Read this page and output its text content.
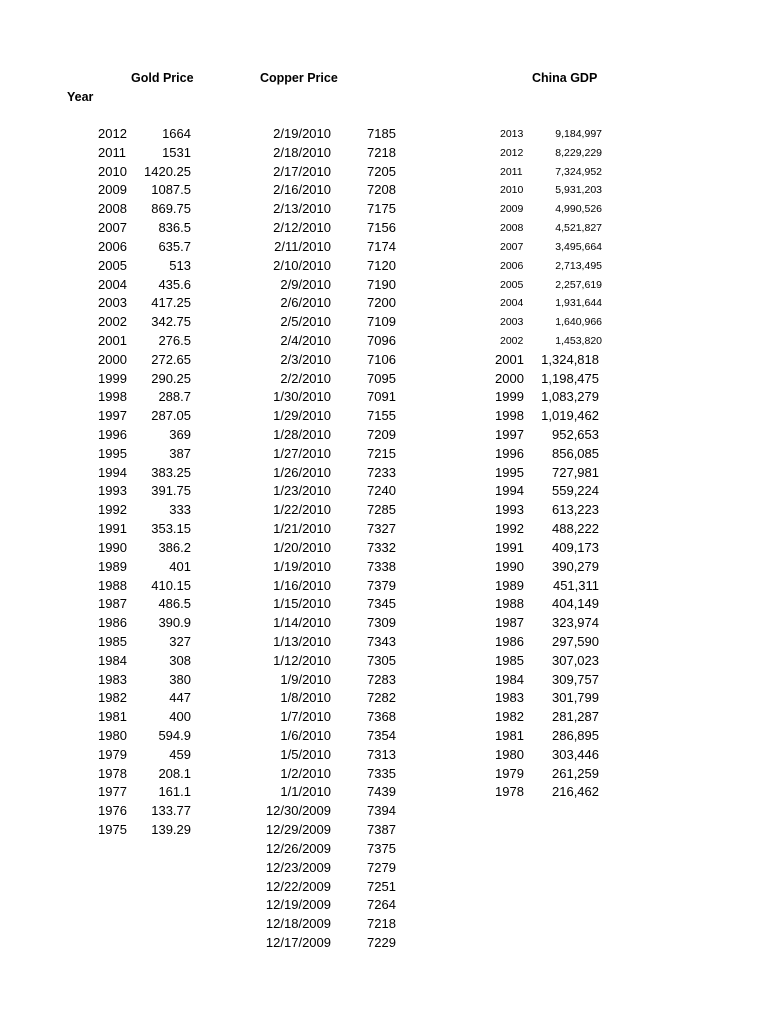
Gold Price	Copper Price	China GDP
Year
2012	1664
2011	1531
2010	1420.25
2009	1087.5
2008	869.75
2007	836.5
2006	635.7
2005	513
2004	435.6
2003	417.25
2002	342.75
2001	276.5
2000	272.65
1999	290.25
1998	288.7
1997	287.05
1996	369
1995	387
1994	383.25
1993	391.75
1992	333
1991	353.15
1990	386.2
1989	401
1988	410.15
1987	486.5
1986	390.9
1985	327
1984	308
1983	380
1982	447
1981	400
1980	594.9
1979	459
1978	208.1
1977	161.1
1976	133.77
1975	139.29
2/19/2010	7185
2/18/2010	7218
2/17/2010	7205
2/16/2010	7208
2/13/2010	7175
2/12/2010	7156
2/11/2010	7174
2/10/2010	7120
2/9/2010	7190
2/6/2010	7200
2/5/2010	7109
2/4/2010	7096
2/3/2010	7106
2/2/2010	7095
1/30/2010	7091
1/29/2010	7155
1/28/2010	7209
1/27/2010	7215
1/26/2010	7233
1/23/2010	7240
1/22/2010	7285
1/21/2010	7327
1/20/2010	7332
1/19/2010	7338
1/16/2010	7379
1/15/2010	7345
1/14/2010	7309
1/13/2010	7343
1/12/2010	7305
1/9/2010	7283
1/8/2010	7282
1/7/2010	7368
1/6/2010	7354
1/5/2010	7313
1/2/2010	7335
1/1/2010	7439
12/30/2009	7394
12/29/2009	7387
12/26/2009	7375
12/23/2009	7279
12/22/2009	7251
12/19/2009	7264
12/18/2009	7218
12/17/2009	7229
2013	9,184,997
2012	8,229,229
2011	7,324,952
2010	5,931,203
2009	4,990,526
2008	4,521,827
2007	3,495,664
2006	2,713,495
2005	2,257,619
2004	1,931,644
2003	1,640,966
2002	1,453,820
2001	1,324,818
2000	1,198,475
1999	1,083,279
1998	1,019,462
1997	952,653
1996	856,085
1995	727,981
1994	559,224
1993	613,223
1992	488,222
1991	409,173
1990	390,279
1989	451,311
1988	404,149
1987	323,974
1986	297,590
1985	307,023
1984	309,757
1983	301,799
1982	281,287
1981	286,895
1980	303,446
1979	261,259
1978	216,462
